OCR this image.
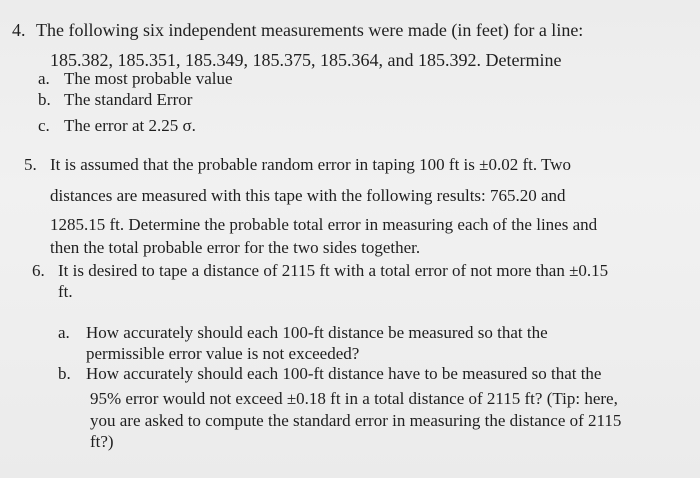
4. The following six independent measurements were made (in feet) for a line:
185.382, 185.351, 185.349, 185.375, 185.364, and 185.392. Determine
a. The most probable value
b. The standard Error
c. The error at 2.25 σ.
5. It is assumed that the probable random error in taping 100 ft is ±0.02 ft. Two
distances are measured with this tape with the following results: 765.20 and
1285.15 ft. Determine the probable total error in measuring each of the lines and
then the total probable error for the two sides together.
6. It is desired to tape a distance of 2115 ft with a total error of not more than ±0.15
ft.
a. How accurately should each 100-ft distance be measured so that the
permissible error value is not exceeded?
b. How accurately should each 100-ft distance have to be measured so that the
95% error would not exceed ±0.18 ft in a total distance of 2115 ft? (Tip: here,
you are asked to compute the standard error in measuring the distance of 2115
ft?)
